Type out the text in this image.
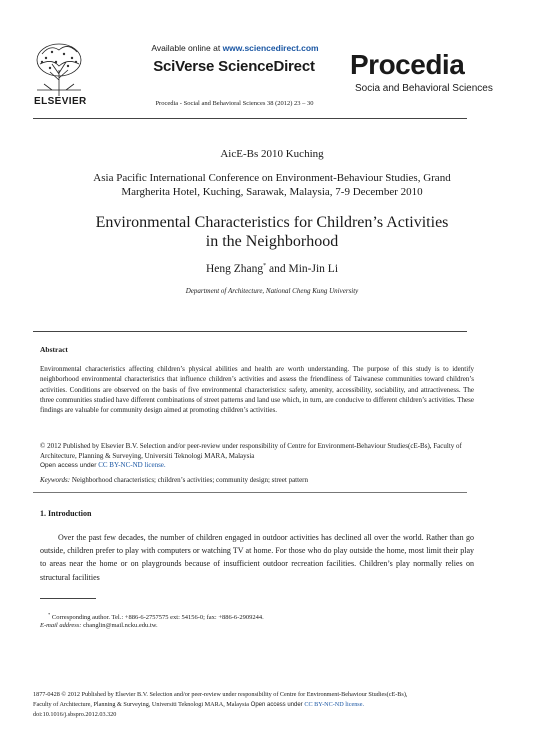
ELSEVIER
Available online at www.sciencedirect.com
SciVerse ScienceDirect
Procedia - Social and Behavioral Sciences 38 (2012) 23 – 30
Procedia
Socia and Behavioral Sciences
AicE-Bs 2010 Kuching
Asia Pacific International Conference on Environment-Behaviour Studies, Grand
Margherita Hotel, Kuching, Sarawak, Malaysia, 7-9 December 2010
Environmental Characteristics for Children’s Activities
in the Neighborhood
Heng Zhang* and Min-Jin Li
Department of Architecture, National Cheng Kung University
Abstract
Environmental characteristics affecting children’s physical abilities and health are worth understanding. The purpose of this study is to identify neighborhood environmental characteristics that influence children’s activities and assess the friendliness of Taiwanese communities toward children’s activities. Conditions are observed on the basis of five environmental characteristics: safety, amenity, accessibility, sociability, and attractiveness. The three communities studied have different combinations of street patterns and land use which, in turn, are conducive to different children’s activities. These findings are valuable for community design aimed at promoting children’s activities.
© 2012 Published by Elsevier B.V. Selection and/or peer-review under responsibility of Centre for Environment-Behaviour Studies(cE-Bs), Faculty of Architecture, Planning & Surveying, Universiti Teknologi MARA, Malaysia
Open access under CC BY-NC-ND license.
Keywords: Neighborhood characteristics; children’s activities; community design; street pattern
1. Introduction
Over the past few decades, the number of children engaged in outdoor activities has declined all over the world. Rather than go outside, children prefer to play with computers or watching TV at home. For those who do play outside the home, most limit their play to areas near the home or on playgrounds because of insufficient outdoor recreation facilities. Children’s play normally relies on structural facilities
* Corresponding author. Tel.: +886-6-2757575 ext: 54156-0; fax: +886-6-2909244.
E-mail address: changlin@mail.ncku.edu.tw.
1877-0428 © 2012 Published by Elsevier B.V. Selection and/or peer-review under responsibility of Centre for Environment-Behaviour Studies(cE-Bs),
Faculty of Architecture, Planning & Surveying, Universiti Teknologi MARA, Malaysia Open access under CC BY-NC-ND license.
doi:10.1016/j.sbspro.2012.03.320
